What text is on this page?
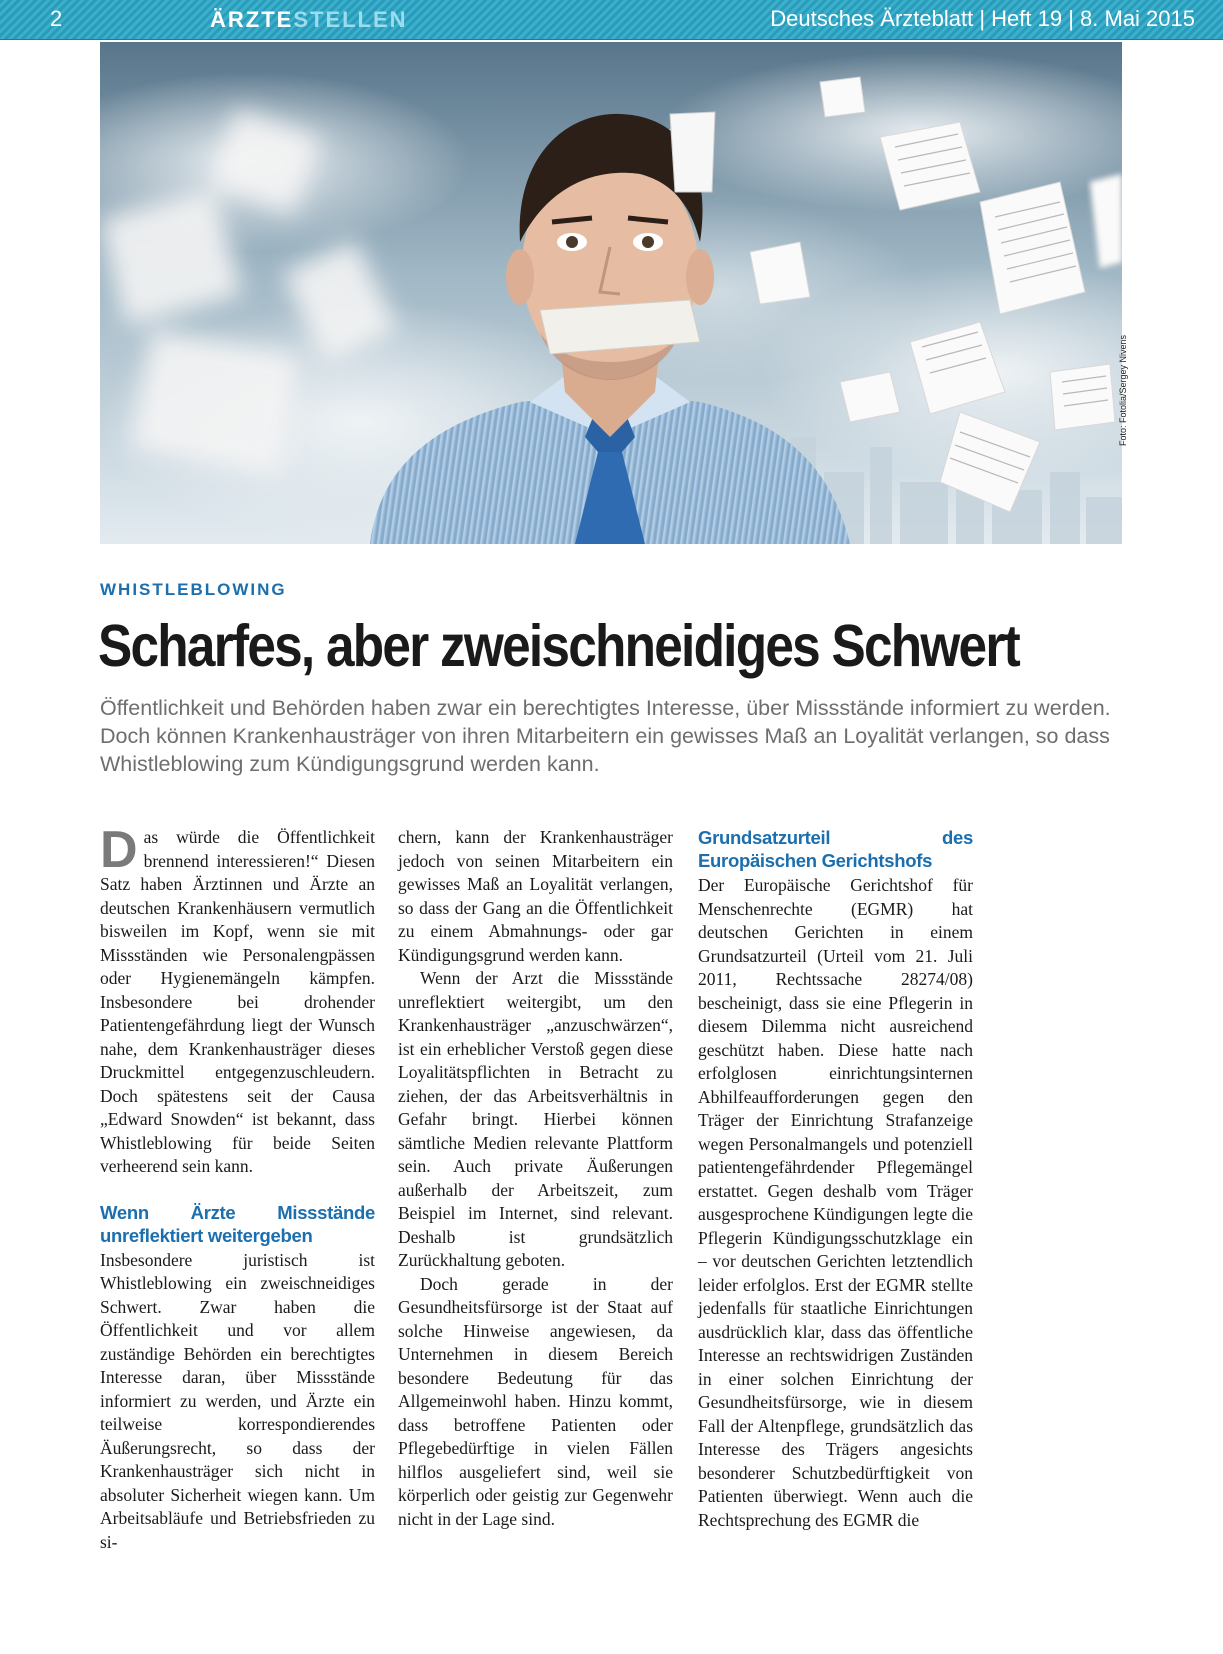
2	ÄRZTESTELLEN	Deutsches Ärzteblatt | Heft 19 | 8. Mai 2015
Foto: Fotolia/Sergey Nivens
WHISTLEBLOWING
Scharfes, aber zweischneidiges Schwert
Öffentlichkeit und Behörden haben zwar ein berechtigtes Interesse, über Missstände informiert zu werden. Doch können Krankenhausträger von ihren Mitarbeitern ein gewisses Maß an Loyalität verlangen, so dass Whistleblowing zum Kündigungsgrund werden kann.

Das würde die Öffentlichkeit brennend interessieren!“ Diesen Satz haben Ärztinnen und Ärzte an deutschen Krankenhäusern vermutlich bisweilen im Kopf, wenn sie mit Missständen wie Personalengpässen oder Hygienemängeln kämpfen. Insbesondere bei drohender Patientengefährdung liegt der Wunsch nahe, dem Krankenhausträger dieses Druckmittel entgegenzuschleudern. Doch spätestens seit der Causa „Edward Snowden“ ist bekannt, dass Whistleblowing für beide Seiten verheerend sein kann.

Wenn Ärzte Missstände unreflektiert weitergeben

Insbesondere juristisch ist Whistleblowing ein zweischneidiges Schwert. Zwar haben die Öffentlichkeit und vor allem zuständige Behörden ein berechtigtes Interesse daran, über Missstände informiert zu werden, und Ärzte ein teilweise korrespondierendes Äußerungsrecht, so dass der Krankenhausträger sich nicht in absoluter Sicherheit wiegen kann. Um Arbeitsabläufe und Betriebsfrieden zu si-

chern, kann der Krankenhausträger jedoch von seinen Mitarbeitern ein gewisses Maß an Loyalität verlangen, so dass der Gang an die Öffentlichkeit zu einem Abmahnungs- oder gar Kündigungsgrund werden kann.

Wenn der Arzt die Missstände unreflektiert weitergibt, um den Krankenhausträger „anzuschwärzen“, ist ein erheblicher Verstoß gegen diese Loyalitätspflichten in Betracht zu ziehen, der das Arbeitsverhältnis in Gefahr bringt. Hierbei können sämtliche Medien relevante Plattform sein. Auch private Äußerungen außerhalb der Arbeitszeit, zum Beispiel im Internet, sind relevant. Deshalb ist grundsätzlich Zurückhaltung geboten.

Doch gerade in der Gesundheitsfürsorge ist der Staat auf solche Hinweise angewiesen, da Unternehmen in diesem Bereich besondere Bedeutung für das Allgemeinwohl haben. Hinzu kommt, dass betroffene Patienten oder Pflegebedürftige in vielen Fällen hilflos ausgeliefert sind, weil sie körperlich oder geistig zur Gegenwehr nicht in der Lage sind.

Grundsatzurteil des Europäischen Gerichtshofs

Der Europäische Gerichtshof für Menschenrechte (EGMR) hat deutschen Gerichten in einem Grundsatzurteil (Urteil vom 21. Juli 2011, Rechtssache 28274/08) bescheinigt, dass sie eine Pflegerin in diesem Dilemma nicht ausreichend geschützt haben. Diese hatte nach erfolglosen einrichtungsinternen Abhilfeaufforderungen gegen den Träger der Einrichtung Strafanzeige wegen Personalmangels und potenziell patientengefährdender Pflegemängel erstattet. Gegen deshalb vom Träger ausgesprochene Kündigungen legte die Pflegerin Kündigungsschutzklage ein – vor deutschen Gerichten letztendlich leider erfolglos. Erst der EGMR stellte jedenfalls für staatliche Einrichtungen ausdrücklich klar, dass das öffentliche Interesse an rechtswidrigen Zuständen in einer solchen Einrichtung der Gesundheitsfürsorge, wie in diesem Fall der Altenpflege, grundsätzlich das Interesse des Trägers angesichts besonderer Schutzbedürftigkeit von Patienten überwiegt. Wenn auch die Rechtsprechung des EGMR die
